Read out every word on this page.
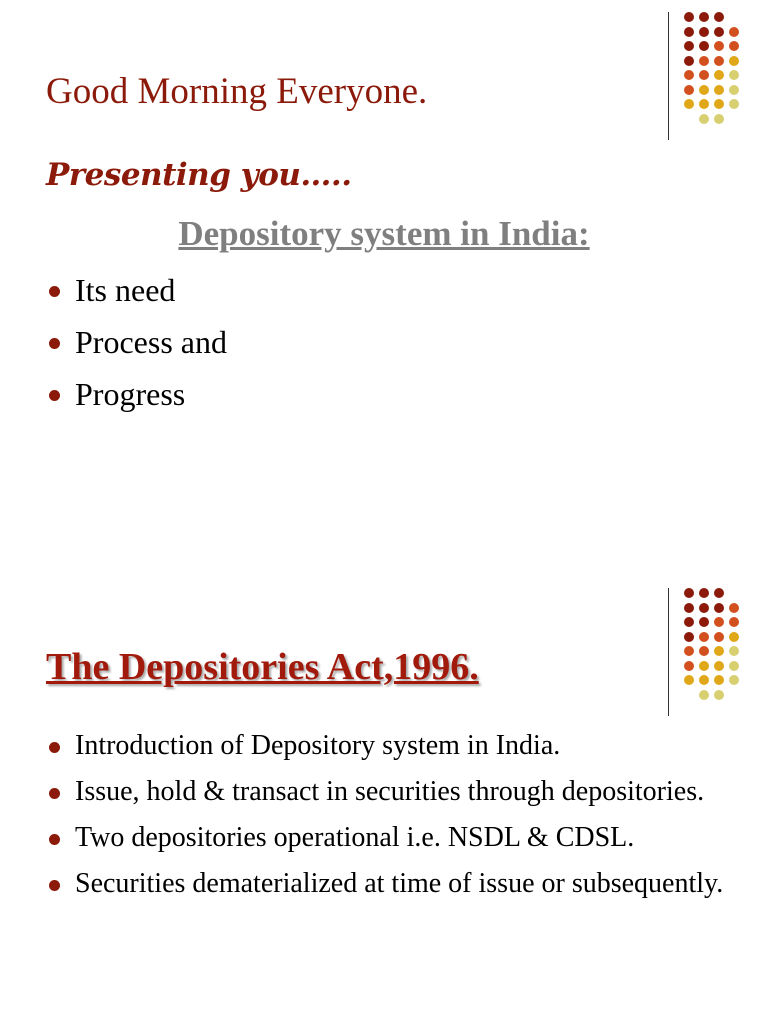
Good Morning Everyone.
Presenting you…..
Depository system in India:
Its need
Process and
Progress
The Depositories Act,1996.
Introduction of Depository system in India.
Issue, hold & transact in securities through depositories.
Two depositories operational i.e. NSDL & CDSL.
Securities dematerialized at time of issue or subsequently.
